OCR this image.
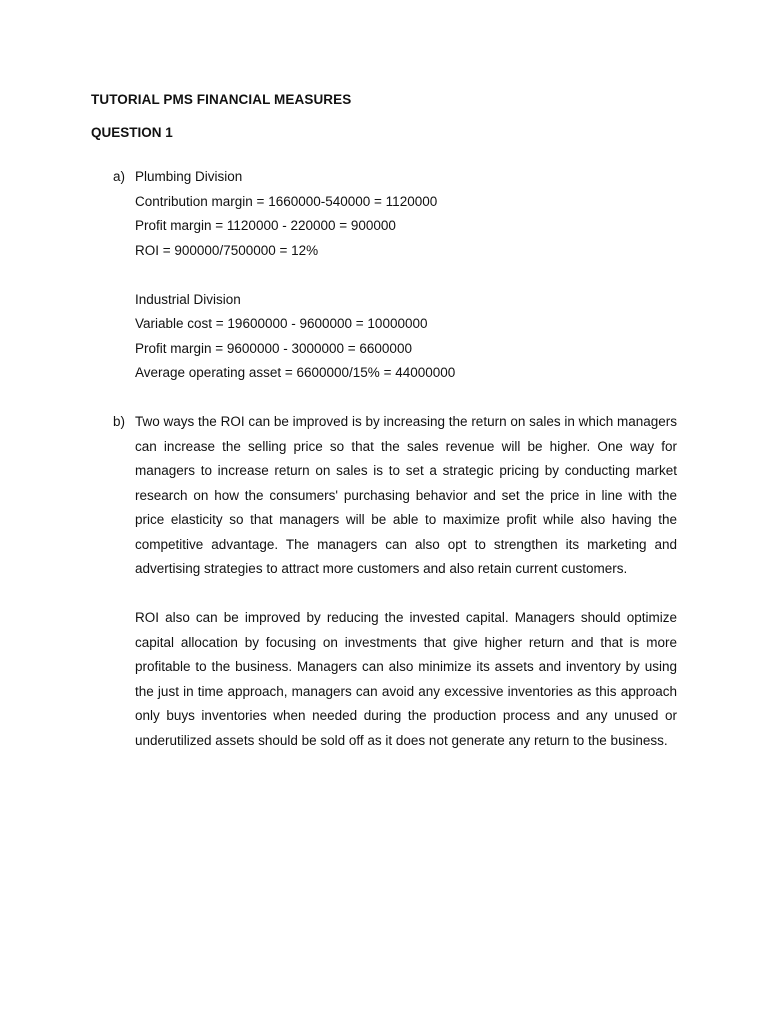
TUTORIAL PMS FINANCIAL MEASURES
QUESTION 1
a) Plumbing Division
Contribution margin = 1660000-540000 = 1120000
Profit margin = 1120000 - 220000 = 900000
ROI = 900000/7500000 = 12%
Industrial Division
Variable cost = 19600000 - 9600000 = 10000000
Profit margin = 9600000 - 3000000 = 6600000
Average operating asset = 6600000/15% = 44000000
b) Two ways the ROI can be improved is by increasing the return on sales in which managers can increase the selling price so that the sales revenue will be higher. One way for managers to increase return on sales is to set a strategic pricing by conducting market research on how the consumers' purchasing behavior and set the price in line with the price elasticity so that managers will be able to maximize profit while also having the competitive advantage. The managers can also opt to strengthen its marketing and advertising strategies to attract more customers and also retain current customers.

ROI also can be improved by reducing the invested capital. Managers should optimize capital allocation by focusing on investments that give higher return and that is more profitable to the business. Managers can also minimize its assets and inventory by using the just in time approach, managers can avoid any excessive inventories as this approach only buys inventories when needed during the production process and any unused or underutilized assets should be sold off as it does not generate any return to the business.
